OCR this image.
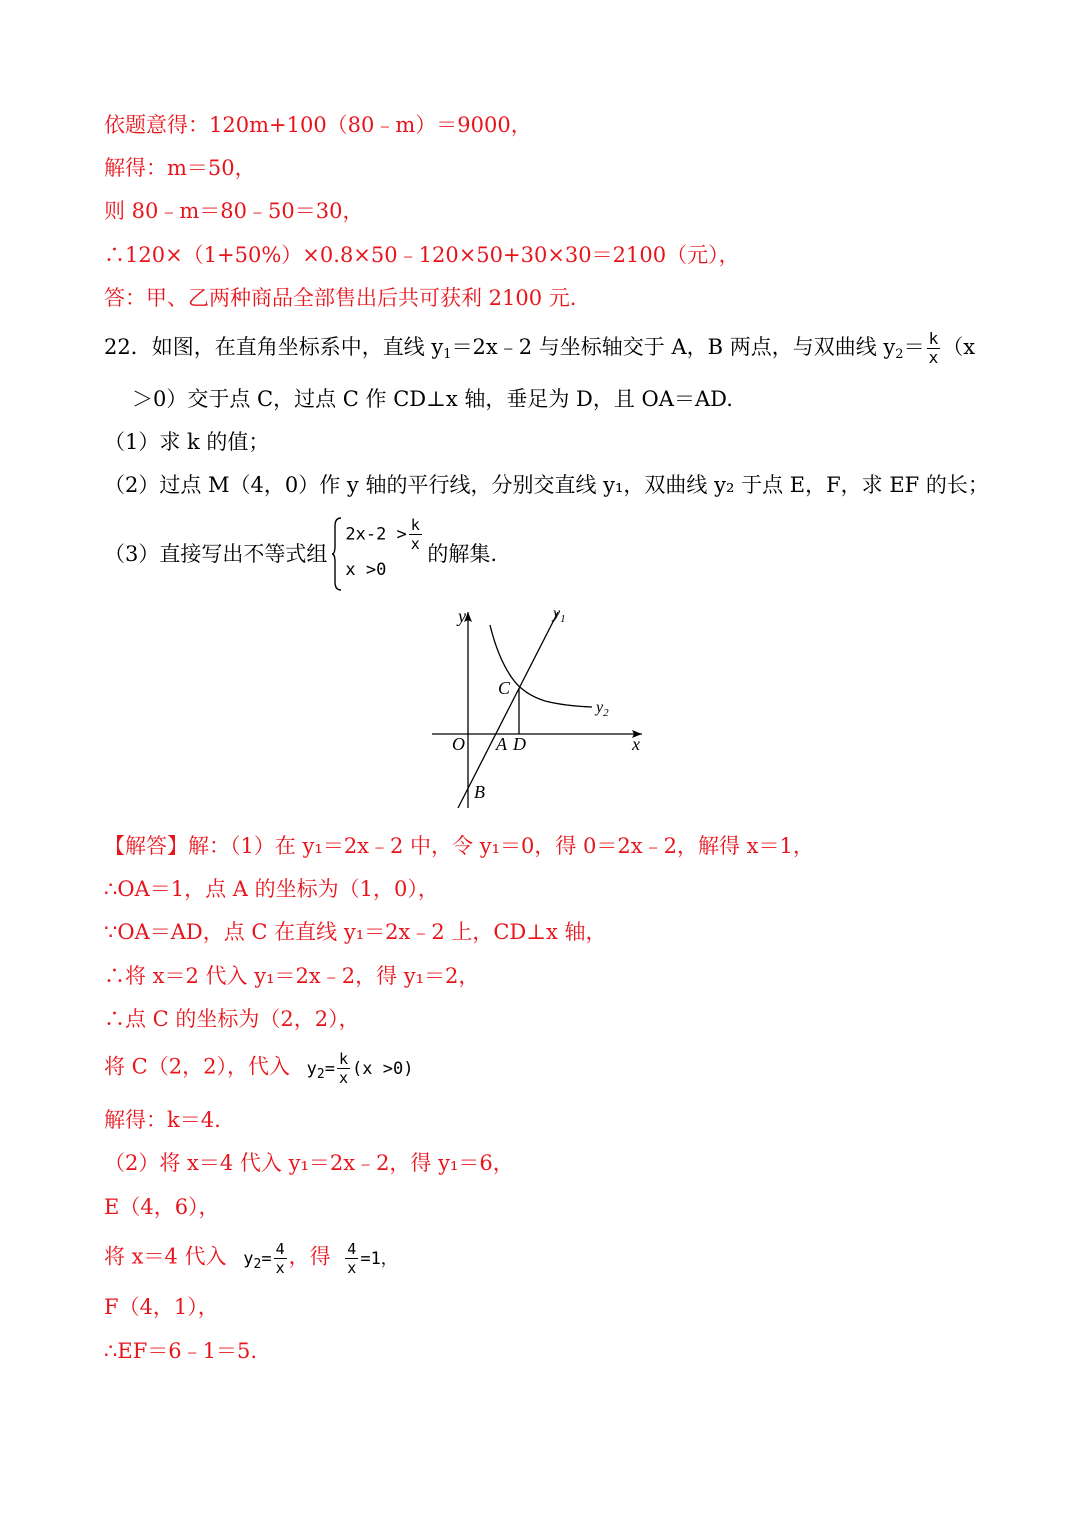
依题意得：120m+100（80﹣m）＝9000，
解得：m＝50，
则 80﹣m＝80﹣50＝30，
∴120×（1+50%）×0.8×50﹣120×50+30×30＝2100（元），
答：甲、乙两种商品全部售出后共可获利 2100 元.
22．如图，在直角坐标系中，直线 $y_1=2x﹣2$ 与坐标轴交于 A，B 两点，与双曲线 $y_2= \frac{k}{x} (x$
＞0）交于点 C，过点 C 作 CD⊥x 轴，垂足为 D，且 OA＝AD.
（1）求 k 的值；
（2）过点 M（4，0）作 y 轴的平行线，分别交直线 y₁，双曲线 y₂ 于点 E，F，求 EF 的长；
（3）直接写出不等式组
$2x-2 > \frac{k}{x}$
x >0
的解集.
y
x
$y_1$
$y_2$
C
O A D
B
【解答】解：（1）在 y₁＝2x﹣2 中，令 y₁＝0，得 0＝2x﹣2，解得 x＝1，
∴OA＝1，点 A 的坐标为（1，0），
∵OA＝AD，点 C 在直线 y₁＝2x﹣2 上，CD⊥x 轴，
∴将 x＝2 代入 y₁＝2x﹣2，得 y₁＝2，
∴点 C 的坐标为（2，2），
将 C（2，2），代入 $y_2= \frac{k}{x} (x >0)$
解得：k＝4.
（2）将 x＝4 代入 y₁＝2x﹣2，得 y₁＝6，
E（4，6），
将 x＝4 代入 $y_2= \frac{4}{x}$ ，得 $\frac{4}{x} =1$，
F（4，1），
∴EF＝6﹣1＝5.
